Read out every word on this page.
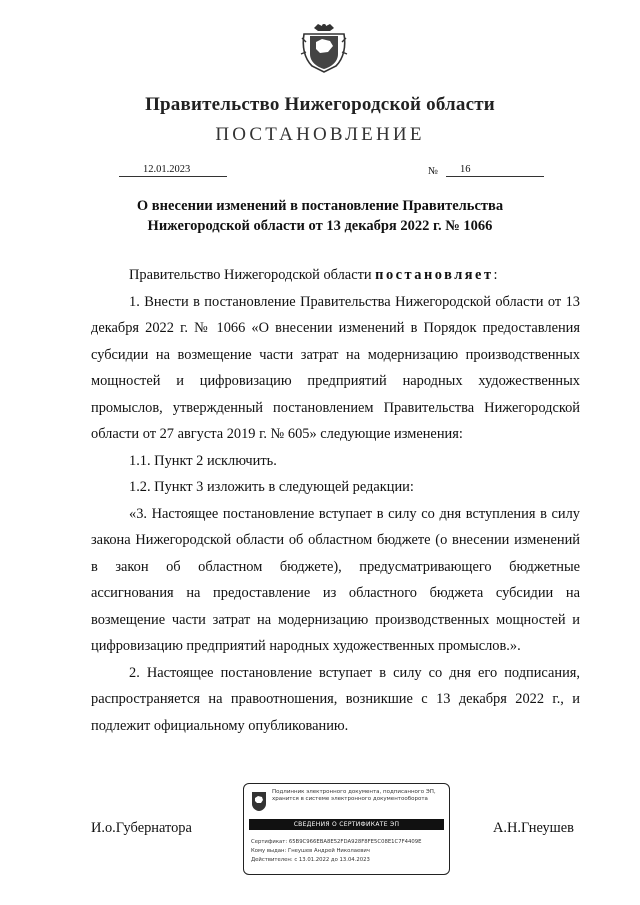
Правительство Нижегородской области
ПОСТАНОВЛЕНИЕ
12.01.2023	№	16
О внесении изменений в постановление Правительства
Нижегородской области от 13 декабря 2022 г. № 1066

Правительство Нижегородской области постановляет:

1. Внести в постановление Правительства Нижегородской области от 13 декабря 2022 г. № 1066 «О внесении изменений в Порядок предоставления субсидии на возмещение части затрат на модернизацию производственных мощностей и цифровизацию предприятий народных художественных промыслов, утвержденный постановлением Правительства Нижегородской области от 27 августа 2019 г. № 605» следующие изменения:

1.1. Пункт 2 исключить.

1.2. Пункт 3 изложить в следующей редакции:

«3. Настоящее постановление вступает в силу со дня вступления в силу закона Нижегородской области об областном бюджете (о внесении изменений в закон об областном бюджете), предусматривающего бюджетные ассигнования на предоставление из областного бюджета субсидии на возмещение части затрат на модернизацию производственных мощностей и цифровизацию предприятий народных художественных промыслов.».

2. Настоящее постановление вступает в силу со дня его подписания, распространяется на правоотношения, возникшие с 13 декабря 2022 г., и подлежит официальному опубликованию.

И.о.Губернатора	А.Н.Гнеушев
Подлинник электронного документа, подписанного ЭП,
хранится в системе электронного документооборота
СВЕДЕНИЯ О СЕРТИФИКАТЕ ЭП
Сертификат: 65B9C966EBA8E52FDA928F8FE5C08E1C7F4409E
Кому выдан: Гнеушев Андрей Николаевич
Действителен: с 13.01.2022 до 13.04.2023
